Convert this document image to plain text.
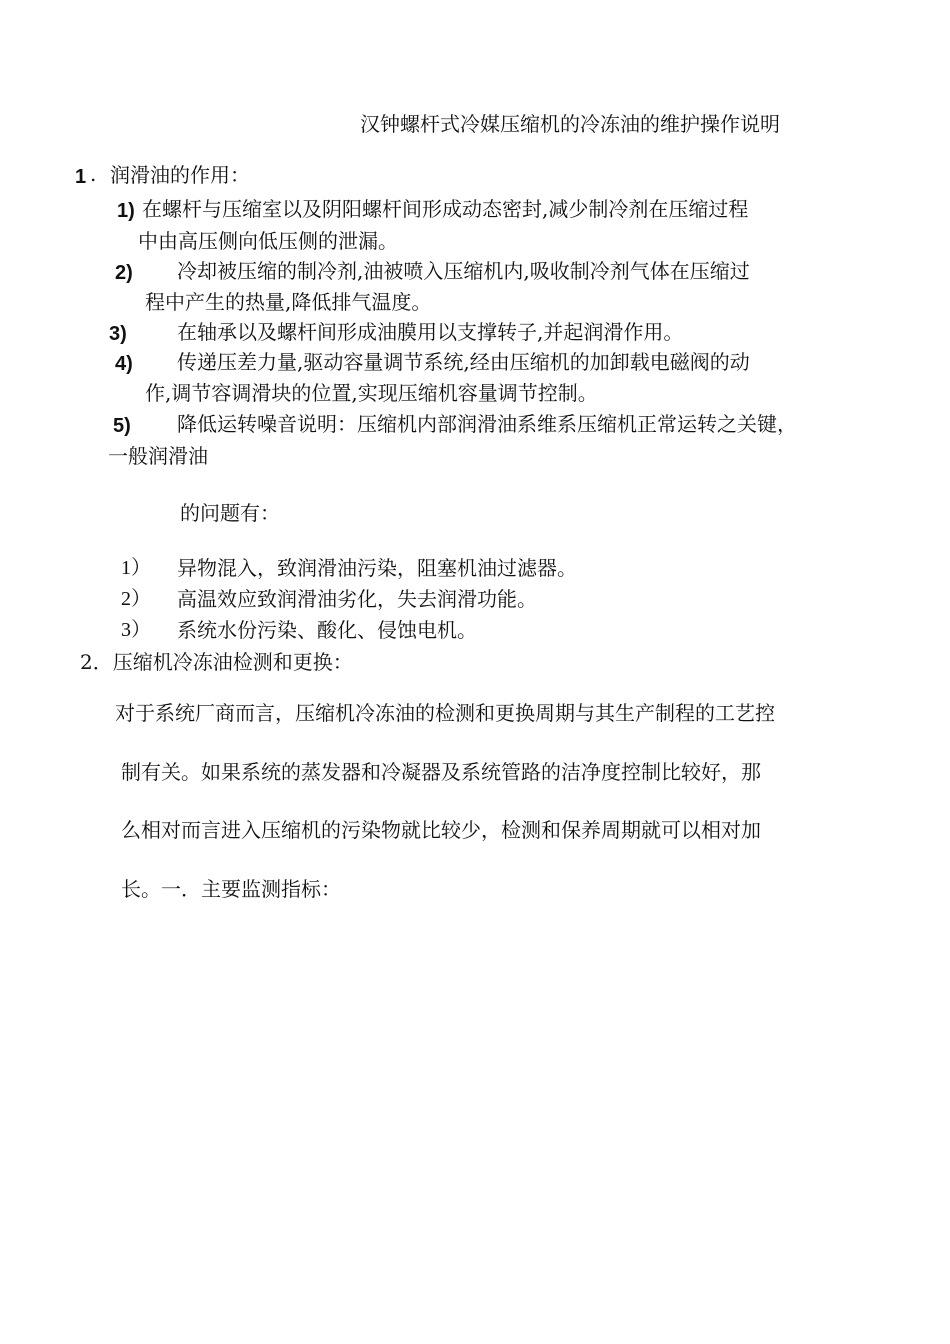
汉钟螺杆式冷媒压缩机的冷冻油的维护操作说明
1 . 润滑油的作用：
1) 在螺杆与压缩室以及阴阳螺杆间形成动态密封,减少制冷剂在压缩过程
中由高压侧向低压侧的泄漏。
2) 冷却被压缩的制冷剂,油被喷入压缩机内,吸收制冷剂气体在压缩过
程中产生的热量,降低排气温度。
3)	在轴承以及螺杆间形成油膜用以支撑转子,并起润滑作用。
4) 传递压差力量,驱动容量调节系统,经由压缩机的加卸载电磁阀的动
作,调节容调滑块的位置,实现压缩机容量调节控制。
5) 降低运转噪音说明：压缩机内部润滑油系维系压缩机正常运转之关键，
一般润滑油
的问题有：
1） 异物混入，致润滑油污染，阻塞机油过滤器。
2） 高温效应致润滑油劣化，失去润滑功能。
3） 系统水份污染、酸化、侵蚀电机。
2．压缩机冷冻油检测和更换：
对于系统厂商而言，压缩机冷冻油的检测和更换周期与其生产制程的工艺控
制有关。如果系统的蒸发器和冷凝器及系统管路的洁净度控制比较好，那
么相对而言进入压缩机的污染物就比较少，检测和保养周期就可以相对加
长。一．主要监测指标：
